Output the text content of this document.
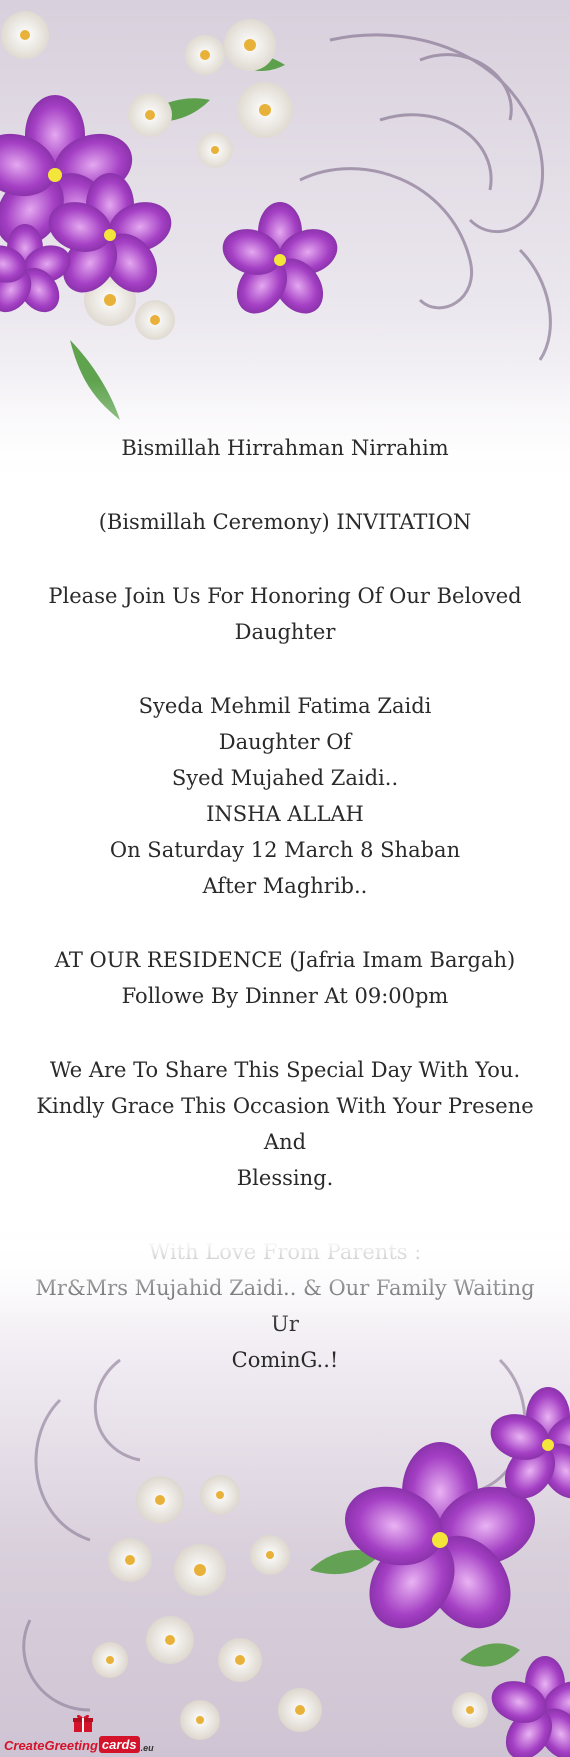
Bismillah Hirrahman Nirrahim
(Bismillah Ceremony) INVITATION
Please Join Us For Honoring Of Our Beloved
Daughter
Syeda Mehmil Fatima Zaidi
Daughter Of
Syed Mujahed Zaidi..
INSHA ALLAH
On Saturday 12 March 8 Shaban
After Maghrib..
AT OUR RESIDENCE (Jafria Imam Bargah)
Followe By Dinner At 09:00pm
We Are To Share This Special Day With You.
Kindly Grace This Occasion With Your Presene And
Blessing.
CominG..!
CreateGreeting cards .eu
